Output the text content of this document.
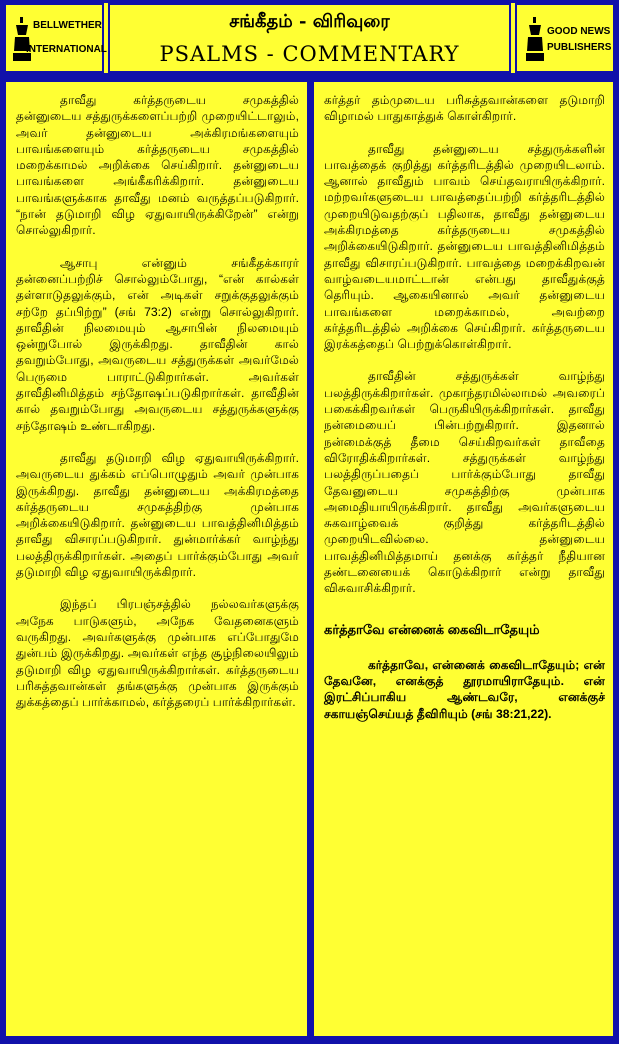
BELLWETHER
INTERNATIONAL
சங்கீதம் - விரிவுரை
PSALMS - COMMENTARY
GOOD NEWS
PUBLISHERS

தாவீது கர்த்தருடைய சமுகத்தில் தன்னுடைய சத்துருக்களைப்பற்றி முறையிட்டாலும், அவர் தன்னுடைய அக்கிரமங்களையும் பாவங்களையும் கர்த்தருடைய சமுகத்தில் மறைக்காமல் அறிக்கை செய்கிறார். தன்னுடைய பாவங்களை அங்கீகரிக்கிறார். தன்னுடைய பாவங்களுக்காக தாவீது மனம் வருத்தப்படுகிறார். “நான் தடுமாறி விழ ஏதுவாயிருக்கிறேன்” என்று சொல்லுகிறார்.

ஆசாபு என்னும் சங்கீதக்காரர் தன்னைப்பற்றிச் சொல்லும்போது, “என் கால்கள் தள்ளாடுதலுக்கும், என் அடிகள் சறுக்குதலுக்கும் சற்றே தப்பிற்று” (சங் 73:2) என்று சொல்லுகிறார். தாவீதின் நிலமையும் ஆசாபின் நிலமையும் ஒன்றுபோல் இருக்கிறது. தாவீதின் கால் தவறும்போது, அவருடைய சத்துருக்கள் அவர்மேல் பெருமை பாராட்டுகிறார்கள். அவர்கள் தாவீதினிமித்தம் சந்தோஷப்படுகிறார்கள். தாவீதின் கால் தவறும்போது அவருடைய சத்துருக்களுக்கு சந்தோஷம் உண்டாகிறது.

தாவீது தடுமாறி விழ ஏதுவாயிருக்கிறார். அவருடைய துக்கம் எப்பொழுதும் அவர் முன்பாக இருக்கிறது. தாவீது தன்னுடைய அக்கிரமத்தை கர்த்தருடைய சமுகத்திற்கு முன்பாக அறிக்கையிடுகிறார். தன்னுடைய பாவத்தினிமித்தம் தாவீது விசாரப்படுகிறார். துன்மார்க்கர் வாழ்ந்து பலத்திருக்கிறார்கள். அதைப் பார்க்கும்போது அவர் தடுமாறி விழ ஏதுவாயிருக்கிறார்.

இந்தப் பிரபஞ்சத்தில் நல்லவர்களுக்கு அநேக பாடுகளும், அநேக வேதனைகளும் வருகிறது. அவர்களுக்கு முன்பாக எப்போதுமே துன்பம் இருக்கிறது. அவர்கள் எந்த சூழ்நிலையிலும் தடுமாறி விழ ஏதுவாயிருக்கிறார்கள். கர்த்தருடைய பரிசுத்தவான்கள் தங்களுக்கு முன்பாக இருக்கும் துக்கத்தைப் பார்க்காமல், கர்த்தரைப் பார்க்கிறார்கள்.

கர்த்தர் தம்முடைய பரிசுத்தவான்களை தடுமாறி விழாமல் பாதுகாத்துக் கொள்கிறார்.

தாவீது தன்னுடைய சத்துருக்களின் பாவத்தைக் குறித்து கர்த்தரிடத்தில் முறையிடலாம். ஆனால் தாவீதும் பாவம் செய்தவராயிருக்கிறார். மற்றவர்களுடைய பாவத்தைப்பற்றி கர்த்தரிடத்தில் முறையிடுவதற்குப் பதிலாக, தாவீது தன்னுடைய அக்கிரமத்தை கர்த்தருடைய சமுகத்தில் அறிக்கையிடுகிறார். தன்னுடைய பாவத்தினிமித்தம் தாவீது விசாரப்படுகிறார். பாவத்தை மறைக்கிறவன் வாழ்வடையமாட்டான் என்பது தாவீதுக்குத் தெரியும். ஆகையினால் அவர் தன்னுடைய பாவங்களை மறைக்காமல், அவற்றை கர்த்தரிடத்தில் அறிக்கை செய்கிறார். கர்த்தருடைய இரக்கத்தைப் பெற்றுக்கொள்கிறார்.

தாவீதின் சத்துருக்கள் வாழ்ந்து பலத்திருக்கிறார்கள். முகாந்தரமில்லாமல் அவரைப் பகைக்கிறவர்கள் பெருகியிருக்கிறார்கள். தாவீது நன்மையைப் பின்பற்றுகிறார். இதனால் நன்மைக்குத் தீமை செய்கிறவர்கள் தாவீதை விரோதிக்கிறார்கள். சத்துருக்கள் வாழ்ந்து பலத்திருப்பதைப் பார்க்கும்போது தாவீது தேவனுடைய சமுகத்திற்கு முன்பாக அமைதியாயிருக்கிறார். தாவீது அவர்களுடைய சுகவாழ்வைக் குறித்து கர்த்தரிடத்தில் முறையிடவில்லை. தன்னுடைய பாவத்தினிமித்தமாய் தனக்கு கர்த்தர் நீதியான தண்டனையைக் கொடுக்கிறார் என்று தாவீது விசுவாசிக்கிறார்.

கர்த்தாவே என்னைக் கைவிடாதேயும்

கர்த்தாவே, என்னைக் கைவிடாதேயும்; என் தேவனே, எனக்குத் தூரமாயிராதேயும். என் இரட்சிப்பாகிய ஆண்டவரே, எனக்குச் சகாயஞ்செய்யத் தீவிரியும் (சங் 38:21,22).
